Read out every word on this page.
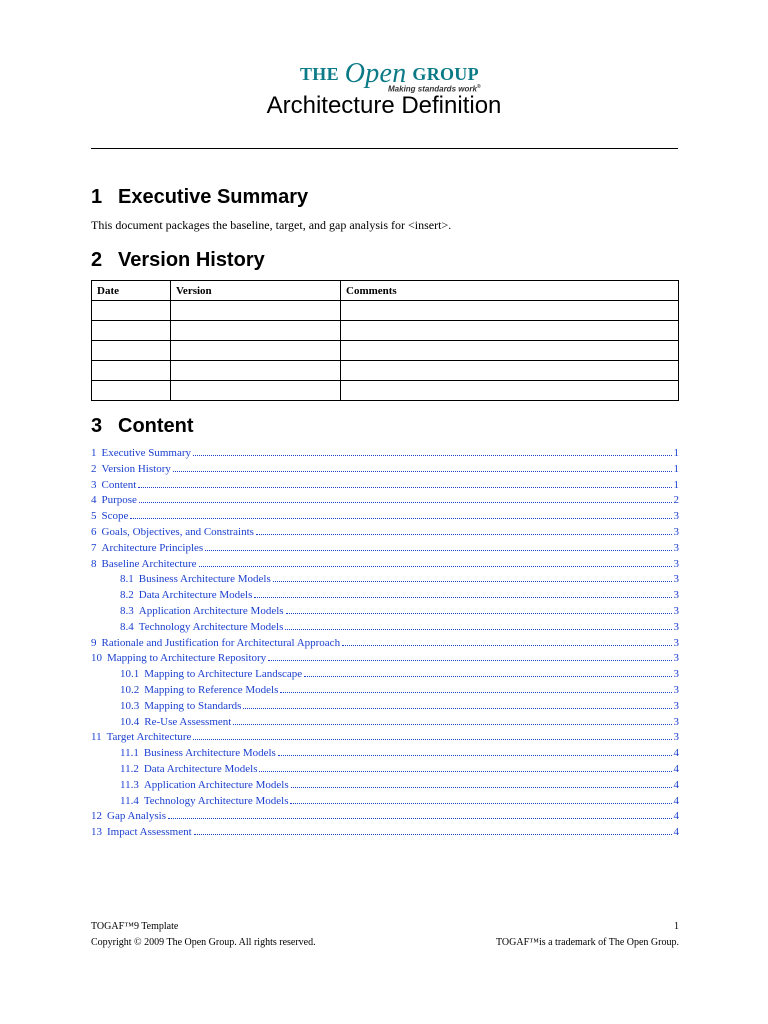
THE Open GROUP
Making standards work®
Architecture Definition
1 Executive Summary

This document packages the baseline, target, and gap analysis for <insert>.

2 Version History
Date	Version	Comments

3 Content
1 Executive Summary	1
2 Version History	1
3 Content	1
4 Purpose	2
5 Scope	3
6 Goals, Objectives, and Constraints	3
7 Architecture Principles	3
8 Baseline Architecture	3
8.1 Business Architecture Models	3
8.2 Data Architecture Models	3
8.3 Application Architecture Models	3
8.4 Technology Architecture Models	3
9 Rationale and Justification for Architectural Approach	3
10 Mapping to Architecture Repository	3
10.1 Mapping to Architecture Landscape	3
10.2 Mapping to Reference Models	3
10.3 Mapping to Standards	3
10.4 Re-Use Assessment	3
11 Target Architecture	3
11.1 Business Architecture Models	4
11.2 Data Architecture Models	4
11.3 Application Architecture Models	4
11.4 Technology Architecture Models	4
12 Gap Analysis	4
13 Impact Assessment	4
TOGAF™9 Template	1
Copyright © 2009 The Open Group. All rights reserved.	TOGAF™is a trademark of The Open Group.
